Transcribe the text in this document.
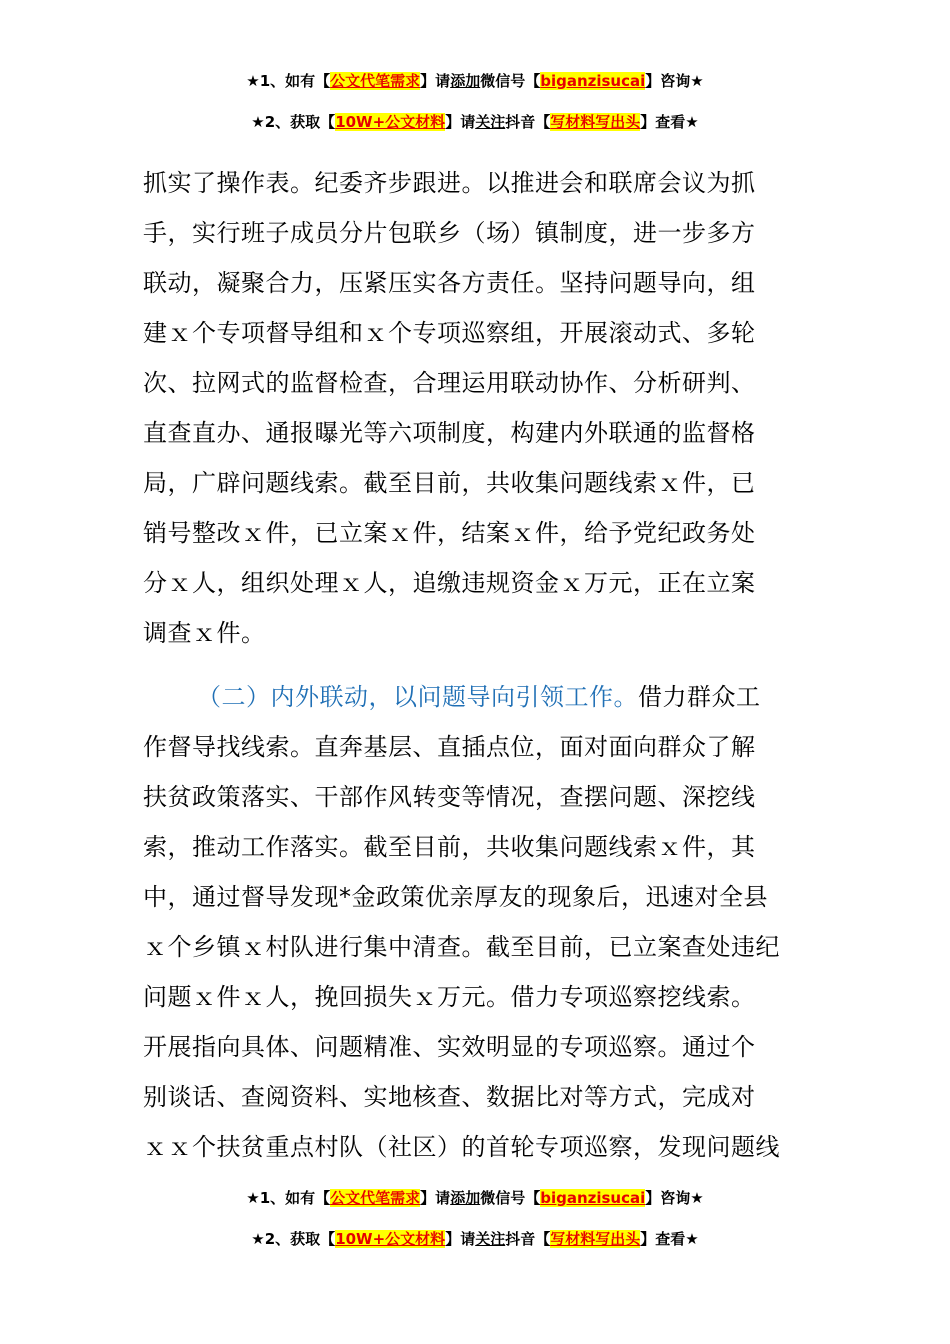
★1、如有【公文代笔需求】请添加微信号【biganzisucai】咨询★
★2、获取【10W+公文材料】请关注抖音【写材料写出头】查看★
抓实了操作表。纪委齐步跟进。以推进会和联席会议为抓
手，实行班子成员分片包联乡（场）镇制度，进一步多方
联动，凝聚合力，压紧压实各方责任。坚持问题导向，组
建ｘ个专项督导组和ｘ个专项巡察组，开展滚动式、多轮
次、拉网式的监督检查，合理运用联动协作、分析研判、
直查直办、通报曝光等六项制度，构建内外联通的监督格
局，广辟问题线索。截至目前，共收集问题线索ｘ件，已
销号整改ｘ件，已立案ｘ件，结案ｘ件，给予党纪政务处
分ｘ人，组织处理ｘ人，追缴违规资金ｘ万元，正在立案
调查ｘ件。
（二）内外联动，以问题导向引领工作。借力群众工
作督导找线索。直奔基层、直插点位，面对面向群众了解
扶贫政策落实、干部作风转变等情况，查摆问题、深挖线
索，推动工作落实。截至目前，共收集问题线索ｘ件，其
中，通过督导发现*金政策优亲厚友的现象后，迅速对全县
ｘ个乡镇ｘ村队进行集中清查。截至目前，已立案查处违纪
问题ｘ件ｘ人，挽回损失ｘ万元。借力专项巡察挖线索。
开展指向具体、问题精准、实效明显的专项巡察。通过个
别谈话、查阅资料、实地核查、数据比对等方式，完成对
ｘｘ个扶贫重点村队（社区）的首轮专项巡察，发现问题线
★1、如有【公文代笔需求】请添加微信号【biganzisucai】咨询★
★2、获取【10W+公文材料】请关注抖音【写材料写出头】查看★
